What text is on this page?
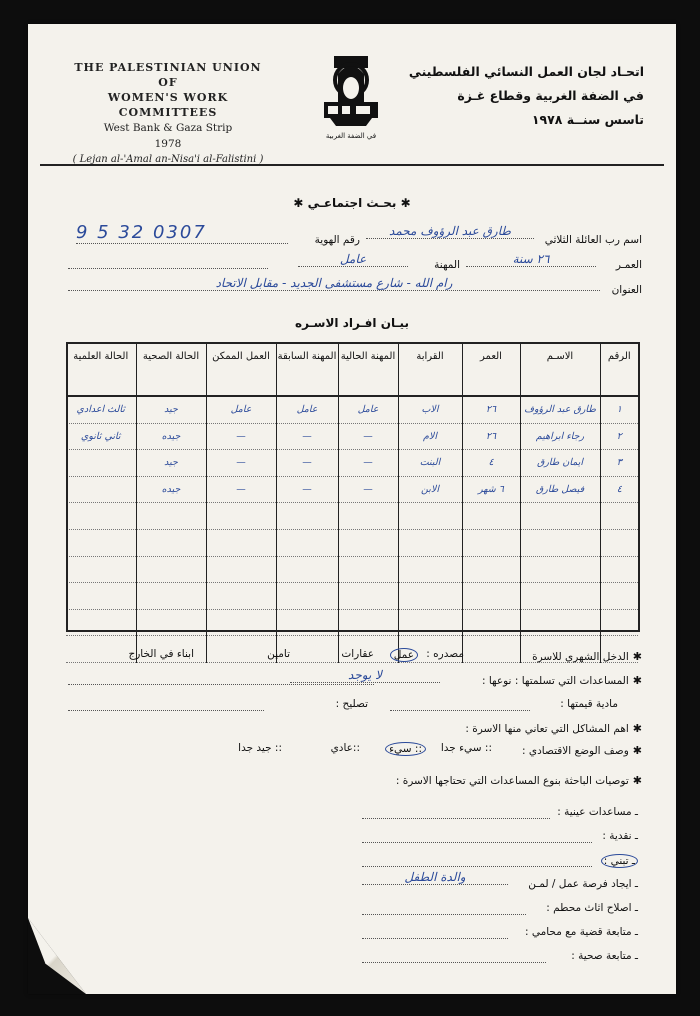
THE PALESTINIAN UNION OF
WOMEN'S WORK COMMITTEES
West Bank & Gaza Strip
1978
( Lejan al-'Amal an-Nisa'i al-Falistini )
في الضفة الغربية
اتحـاد لجان العمل النسائي الفلسطيني
في الضفة الغربية وقطاع غـزة
تاسس سنــة ١٩٧٨
✱ بحـث اجتماعـي ✱
اسم رب العائلة الثلاثي
طارق عبد الرؤوف محمد
رقم الهوية
9 5 32 0307
العمـر
٢٦ سنة
المهنة
عامل
العنوان
رام الله - شارع مستشفى الجديد - مقابل الاتحاد
بيـان افـراد الاسـره
الرقم	الاسـم	العمر	القرابة	المهنة الحالية	المهنة السابقة	العمل الممكن	الحالة الصحية	الحالة العلمية
١	طارق عبد الرؤوف	٢٦	الاب	عامل	عامل	عامل	جيد	ثالث اعدادي
٢	رجاء ابراهيم	٢٦	الام	—	—	—	جيده	ثاني ثانوي
٣	ايمان طارق	٤	البنت	—	—	—	جيد	
٤	فيصل طارق	٦ شهر	الابن	—	—	—	جيده	

✱الدخل الشهري للاسرة
مصدره :
عمل
عقارات
تامين
ابناء في الخارج
✱المساعدات التي تسلمتها : نوعها :
لا يوجد
مادية قيمتها :
تصليح :
✱اهم المشاكل التي تعاني منها الاسرة :
✱وصف الوضع الاقتصادي :
:: سيء جدا
:: سيء
::عادي
:: جيد جدا
✱توصيات الباحثة بنوع المساعدات التي تحتاجها الاسرة :
ـ مساعدات عينية :
ـ نقدية :
ـ تبني :
ـ ايجاد فرصة عمل / لمـن
والدة الطفل
ـ اصلاح اثاث محطم :
ـ متابعة قضية مع محامي :
ـ متابعة صحية :
